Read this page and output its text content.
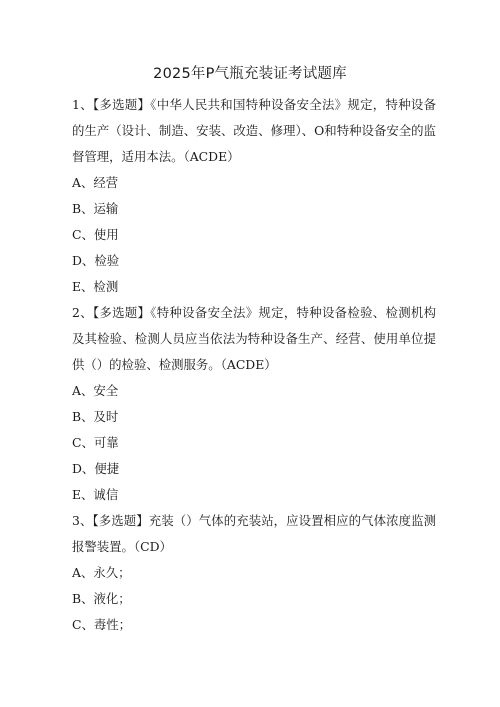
2025年P气瓶充装证考试题库

1、【多选题】《中华人民共和国特种设备安全法》规定，特种设备的生产（设计、制造、安装、改造、修理）、O和特种设备安全的监督管理，适用本法。（ACDE）

A、经营

B、运输

C、使用

D、检验

E、检测

2、【多选题】《特种设备安全法》规定，特种设备检验、检测机构及其检验、检测人员应当依法为特种设备生产、经营、使用单位提供（）的检验、检测服务。（ACDE）

A、安全

B、及时

C、可靠

D、便捷

E、诚信

3、【多选题】充装（）气体的充装站，应设置相应的气体浓度监测报警装置。（CD）

A、永久；

B、液化；

C、毒性；
